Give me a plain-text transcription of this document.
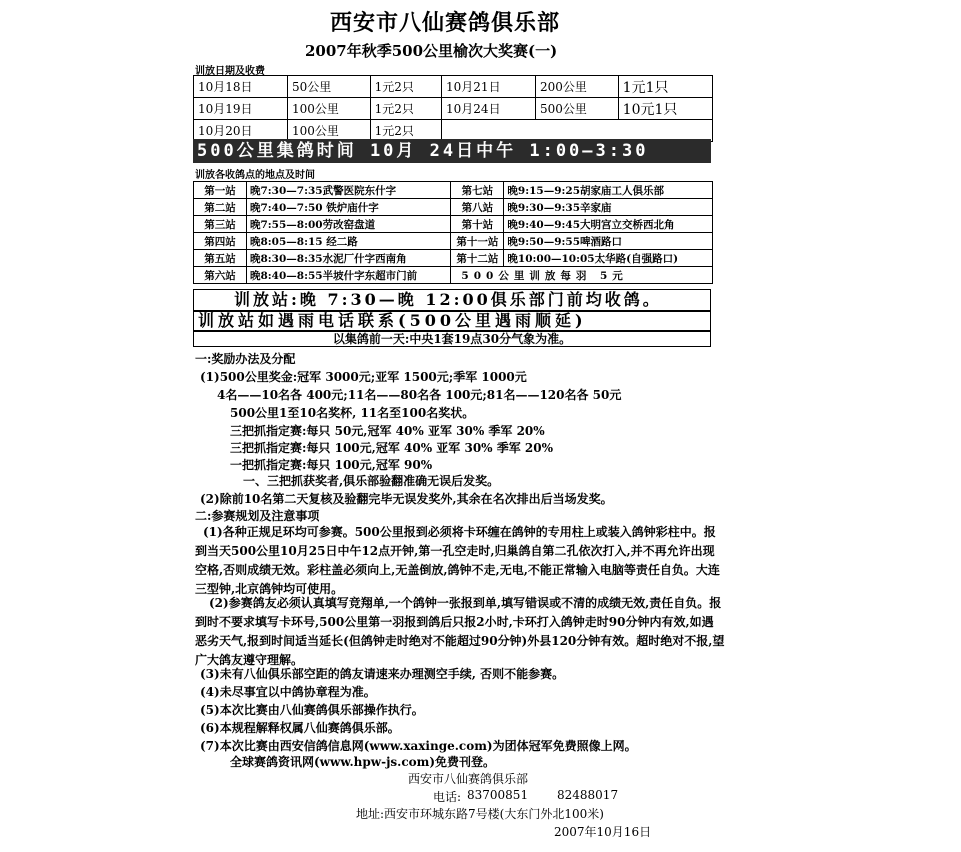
西安市八仙赛鸽俱乐部
2007年秋季500公里榆次大奖赛(一)
训放日期及收费
10月18日	50公里	1元2只	10月21日	200公里	1元1只
10月19日	100公里	1元2只	10月24日	500公里	10元1只
10月20日	100公里	1元2只			
500公里集鸽时间 10月 24日中午 1:00—3:30
训放各收鸽点的地点及时间
第一站	晚7:30—7:35武警医院东什字	第七站	晚9:15—9:25胡家庙工人俱乐部
第二站	晚7:40—7:50 铁炉庙什字	第八站	晚9:30—9:35辛家庙
第三站	晚7:55—8:00劳改窑盘道	第十站	晚9:40—9:45大明宫立交桥西北角
第四站	晚8:05—8:15 经二路	第十一站	晚9:50—9:55啤酒路口
第五站	晚8:30—8:35水泥厂什字西南角	第十二站	晚10:00—10:05太华路(自强路口)
第六站	晚8:40—8:55半坡什字东超市门前	500公里训放每羽 5元	
训放站:晚 7:30—晚 12:00俱乐部门前均收鸽。
训放站如遇雨电话联系(500公里遇雨顺延)
以集鸽前一天:中央1套19点30分气象为准。
一:奖励办法及分配
(1)500公里奖金:冠军 3000元;亚军 1500元;季军 1000元
4名——10名各 400元;11名——80名各 100元;81名——120名各 50元
500公里1至10名奖杯, 11名至100名奖状。
三把抓指定赛:每只 50元,冠军 40% 亚军 30% 季军 20%
三把抓指定赛:每只 100元,冠军 40% 亚军 30% 季军 20%
一把抓指定赛:每只 100元,冠军 90%
一、三把抓获奖者,俱乐部验翻准确无误后发奖。
(2)除前10名第二天复核及验翻完毕无误发奖外,其余在名次排出后当场发奖。
二:参赛规划及注意事项
(1)各种正规足环均可参赛。500公里报到必须将卡环缠在鸽钟的专用柱上或装入鸽钟彩柱中。报到当天500公里10月25日中午12点开钟,第一孔空走时,归巢鸽自第二孔依次打入,并不再允许出现空格,否则成绩无效。彩柱盖必须向上,无盖倒放,鸽钟不走,无电,不能正常输入电脑等责任自负。大连三型钟,北京鸽钟均可使用。
(2)参赛鸽友必须认真填写竞翔单,一个鸽钟一张报到单,填写错误或不清的成绩无效,责任自负。报到时不要求填写卡环号,500公里第一羽报到鸽后只报2小时,卡环打入鸽钟走时90分钟内有效,如遇恶劣天气,报到时间适当延长(但鸽钟走时绝对不能超过90分钟)外县120分钟有效。超时绝对不报,望广大鸽友遵守理解。
(3)未有八仙俱乐部空距的鸽友请速来办理测空手续, 否则不能参赛。
(4)未尽事宜以中鸽协章程为准。
(5)本次比赛由八仙赛鸽俱乐部操作执行。
(6)本规程解释权属八仙赛鸽俱乐部。
(7)本次比赛由西安信鸽信息网(www.xaxinge.com)为团体冠军免费照像上网。
全球赛鸽资讯网(www.hpw-js.com)免费刊登。
西安市八仙赛鸽俱乐部
电话: 83700851 82488017
地址:西安市环城东路7号楼(大东门外北100米)
2007年10月16日
